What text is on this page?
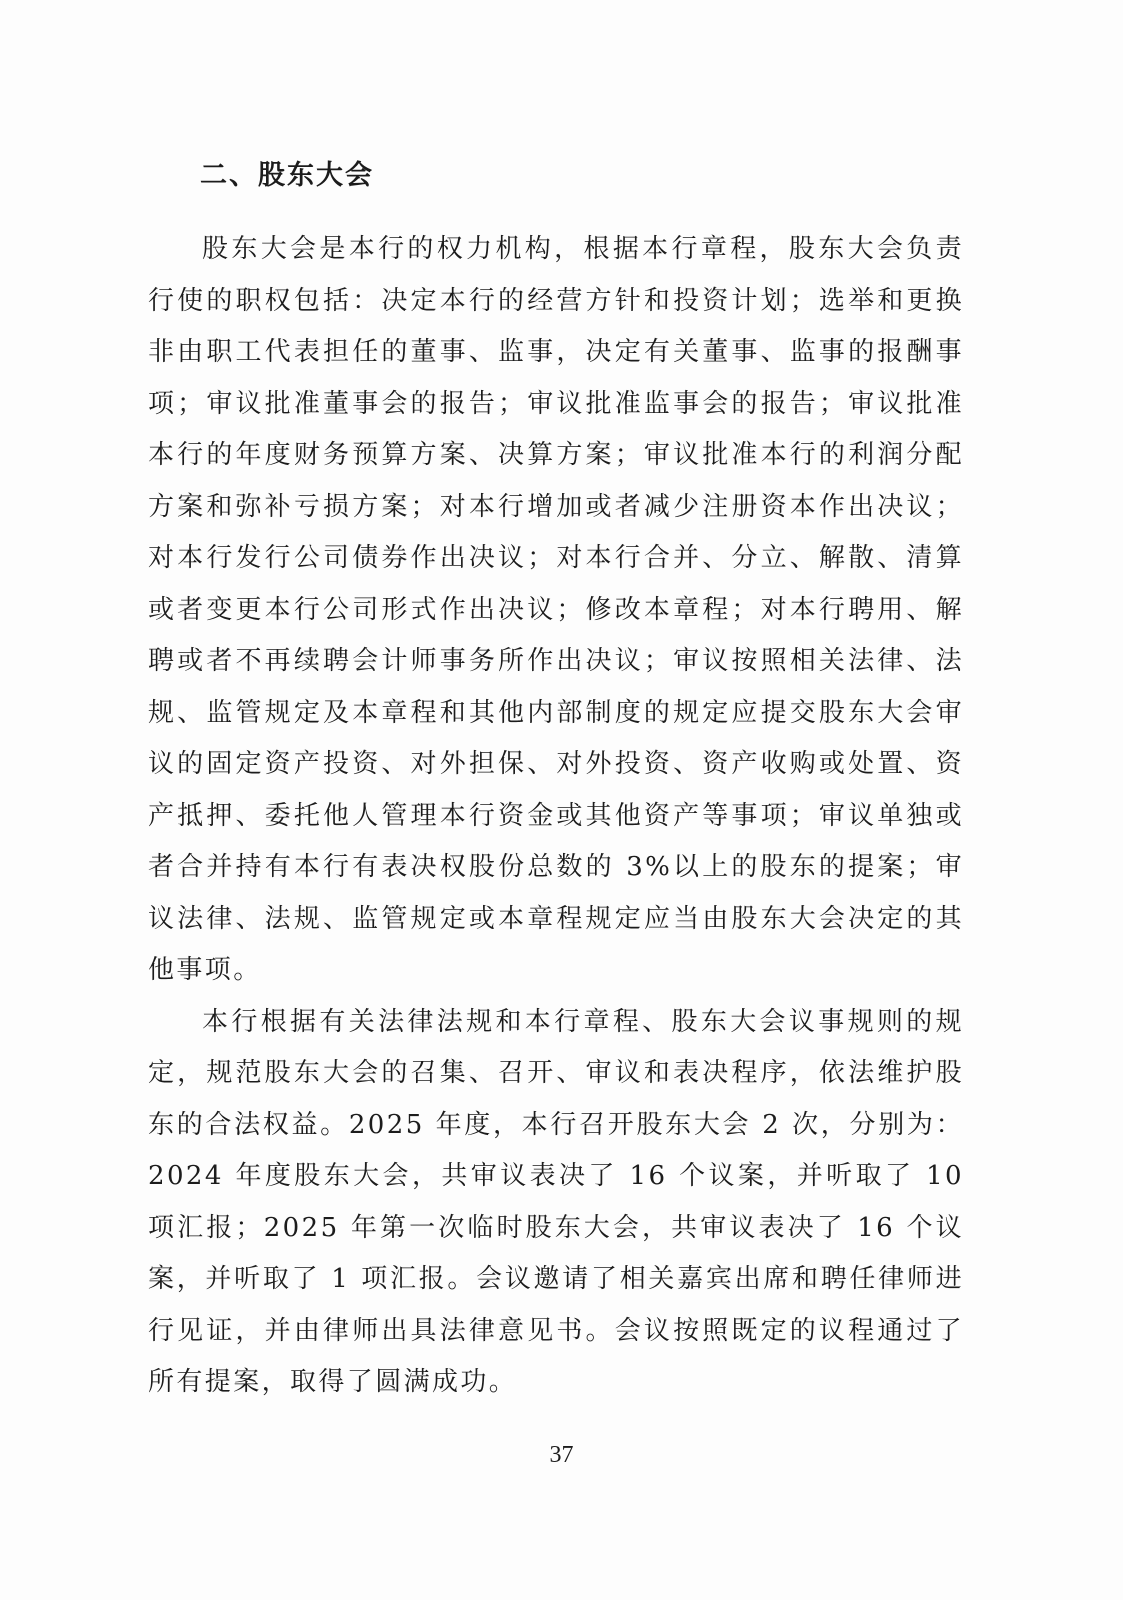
二、股东大会

股东大会是本行的权力机构，根据本行章程，股东大会负责行使的职权包括：决定本行的经营方针和投资计划；选举和更换非由职工代表担任的董事、监事，决定有关董事、监事的报酬事项；审议批准董事会的报告；审议批准监事会的报告；审议批准本行的年度财务预算方案、决算方案；审议批准本行的利润分配方案和弥补亏损方案；对本行增加或者减少注册资本作出决议；对本行发行公司债券作出决议；对本行合并、分立、解散、清算或者变更本行公司形式作出决议；修改本章程；对本行聘用、解聘或者不再续聘会计师事务所作出决议；审议按照相关法律、法规、监管规定及本章程和其他内部制度的规定应提交股东大会审议的固定资产投资、对外担保、对外投资、资产收购或处置、资产抵押、委托他人管理本行资金或其他资产等事项；审议单独或者合并持有本行有表决权股份总数的 3%以上的股东的提案；审议法律、法规、监管规定或本章程规定应当由股东大会决定的其他事项。

本行根据有关法律法规和本行章程、股东大会议事规则的规定，规范股东大会的召集、召开、审议和表决程序，依法维护股东的合法权益。2025 年度，本行召开股东大会 2 次，分别为：2024 年度股东大会，共审议表决了 16 个议案，并听取了 10 项汇报；2025 年第一次临时股东大会，共审议表决了 16 个议案，并听取了 1 项汇报。会议邀请了相关嘉宾出席和聘任律师进行见证，并由律师出具法律意见书。会议按照既定的议程通过了所有提案，取得了圆满成功。

37
